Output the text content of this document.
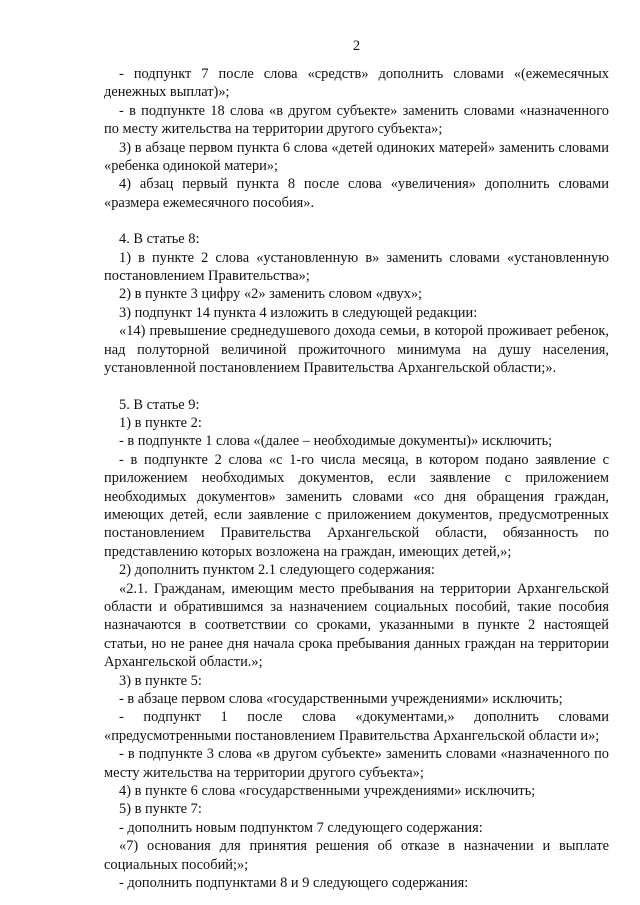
2

- подпункт 7 после слова «средств» дополнить словами «(ежемесячных денежных выплат)»;

- в подпункте 18 слова «в другом субъекте» заменить словами «назначенного по месту жительства на территории другого субъекта»;

3) в абзаце первом пункта 6 слова «детей одиноких матерей» заменить словами «ребенка одинокой матери»;

4) абзац первый пункта 8 после слова «увеличения» дополнить словами «размера ежемесячного пособия».

4. В статье 8:

1) в пункте 2 слова «установленную в» заменить словами «установленную постановлением Правительства»;

2) в пункте 3 цифру «2» заменить словом «двух»;

3) подпункт 14 пункта 4 изложить в следующей редакции:

«14) превышение среднедушевого дохода семьи, в которой проживает ребенок, над полуторной величиной прожиточного минимума на душу населения, установленной постановлением Правительства Архангельской области;».

5. В статье 9:

1) в пункте 2:

- в подпункте 1 слова «(далее – необходимые документы)» исключить;

- в подпункте 2 слова «с 1-го числа месяца, в котором подано заявление с приложением необходимых документов, если заявление с приложением необходимых документов» заменить словами «со дня обращения граждан, имеющих детей, если заявление с приложением документов, предусмотренных постановлением Правительства Архангельской области, обязанность по представлению которых возложена на граждан, имеющих детей,»;

2) дополнить пунктом 2.1 следующего содержания:

«2.1. Гражданам, имеющим место пребывания на территории Архангельской области и обратившимся за назначением социальных пособий, такие пособия назначаются в соответствии со сроками, указанными в пункте 2 настоящей статьи, но не ранее дня начала срока пребывания данных граждан на территории Архангельской области.»;

3) в пункте 5:

- в абзаце первом слова «государственными учреждениями» исключить;

- подпункт 1 после слова «документами,» дополнить словами «предусмотренными постановлением Правительства Архангельской области и»;

- в подпункте 3 слова «в другом субъекте» заменить словами «назначенного по месту жительства на территории другого субъекта»;

4) в пункте 6 слова «государственными учреждениями» исключить;

5) в пункте 7:

- дополнить новым подпунктом 7 следующего содержания:

«7) основания для принятия решения об отказе в назначении и выплате социальных пособий;»;

- дополнить подпунктами 8 и 9 следующего содержания:
